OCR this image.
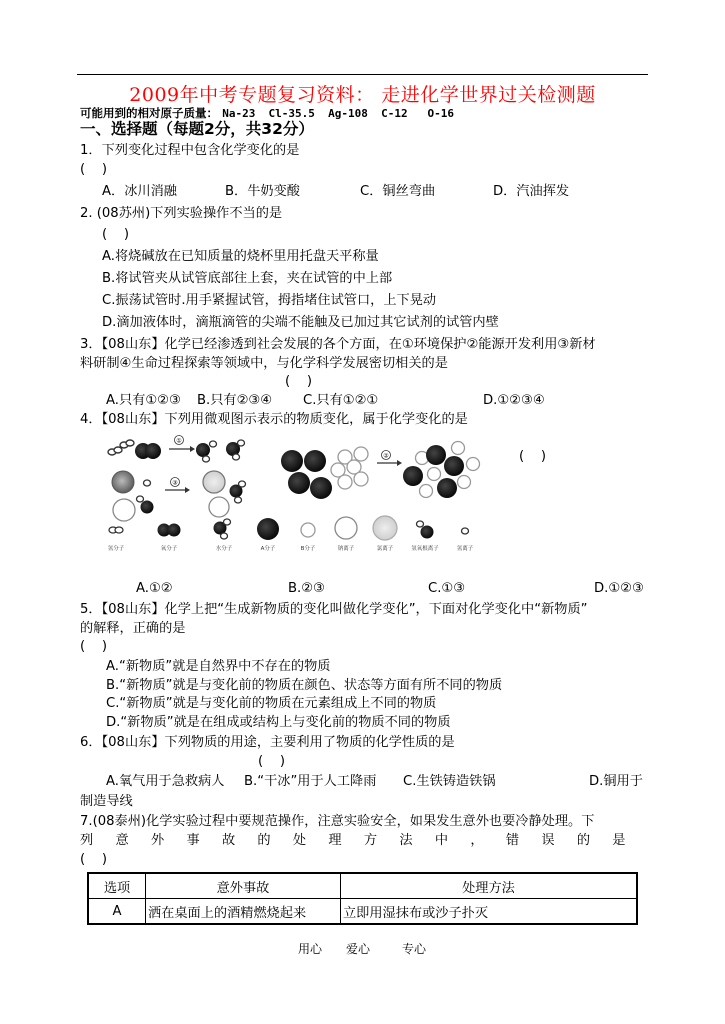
2009年中考专题复习资料： 走进化学世界过关检测题
可能用到的相对原子质量： Na-23  Cl-35.5  Ag-108  C-12   O-16
一、选择题（每题2分，共32分）
1．下列变化过程中包含化学变化的是
(    )
A．冰川消融	B．牛奶变酸	C．铜丝弯曲	D．汽油挥发
2. (08苏州)下列实验操作不当的是
(    )
A.将烧碱放在已知质量的烧杯里用托盘天平称量
B.将试管夹从试管底部往上套，夹在试管的中上部
C.振荡试管时.用手紧握试管，拇指堵住试管口，上下晃动
D.滴加液体时，滴瓶滴管的尖端不能触及已加过其它试剂的试管内壁
3．【08山东】化学已经渗透到社会发展的各个方面，在①环境保护②能源开发利用③新材
料研制④生命过程探索等领域中，与化学科学发展密切相关的是
(    )
A.只有①②③ B.只有②③④ C.只有①②①	D.①②③④
4．【08山东】下列用微观图示表示的物质变化，属于化学变化的是
(    )
①
③
②
氢分子	氧分子	水分子	A分子	B分子	钠离子	氯离子	氢氧根离子	氢离子
A.①②	B.②③	C.①③	D.①②③
5．【08山东】化学上把“生成新物质的变化叫做化学变化”，下面对化学变化中“新物质”
的解释，正确的是
(    )
A.“新物质”就是自然界中不存在的物质
B.“新物质”就是与变化前的物质在颜色、状态等方面有所不同的物质
C.“新物质”就是与变化前的物质在元素组成上不同的物质
D.“新物质”就是在组成或结构上与变化前的物质不同的物质
6．【08山东】下列物质的用途，主要利用了物质的化学性质的是
(    )
A.氧气用于急救病人 B.“干冰”用于人工降雨 C.生铁铸造铁锅	D.铜用于
制造导线
7.(08泰州)化学实验过程中要规范操作，注意实验安全，如果发生意外也要冷静处理。下
列意外事故的处理方法中，错误的是
(    )
选项	意外事故	处理方法
A	洒在桌面上的酒精燃烧起来	立即用湿抹布或沙子扑灭
用心 爱心	专心
